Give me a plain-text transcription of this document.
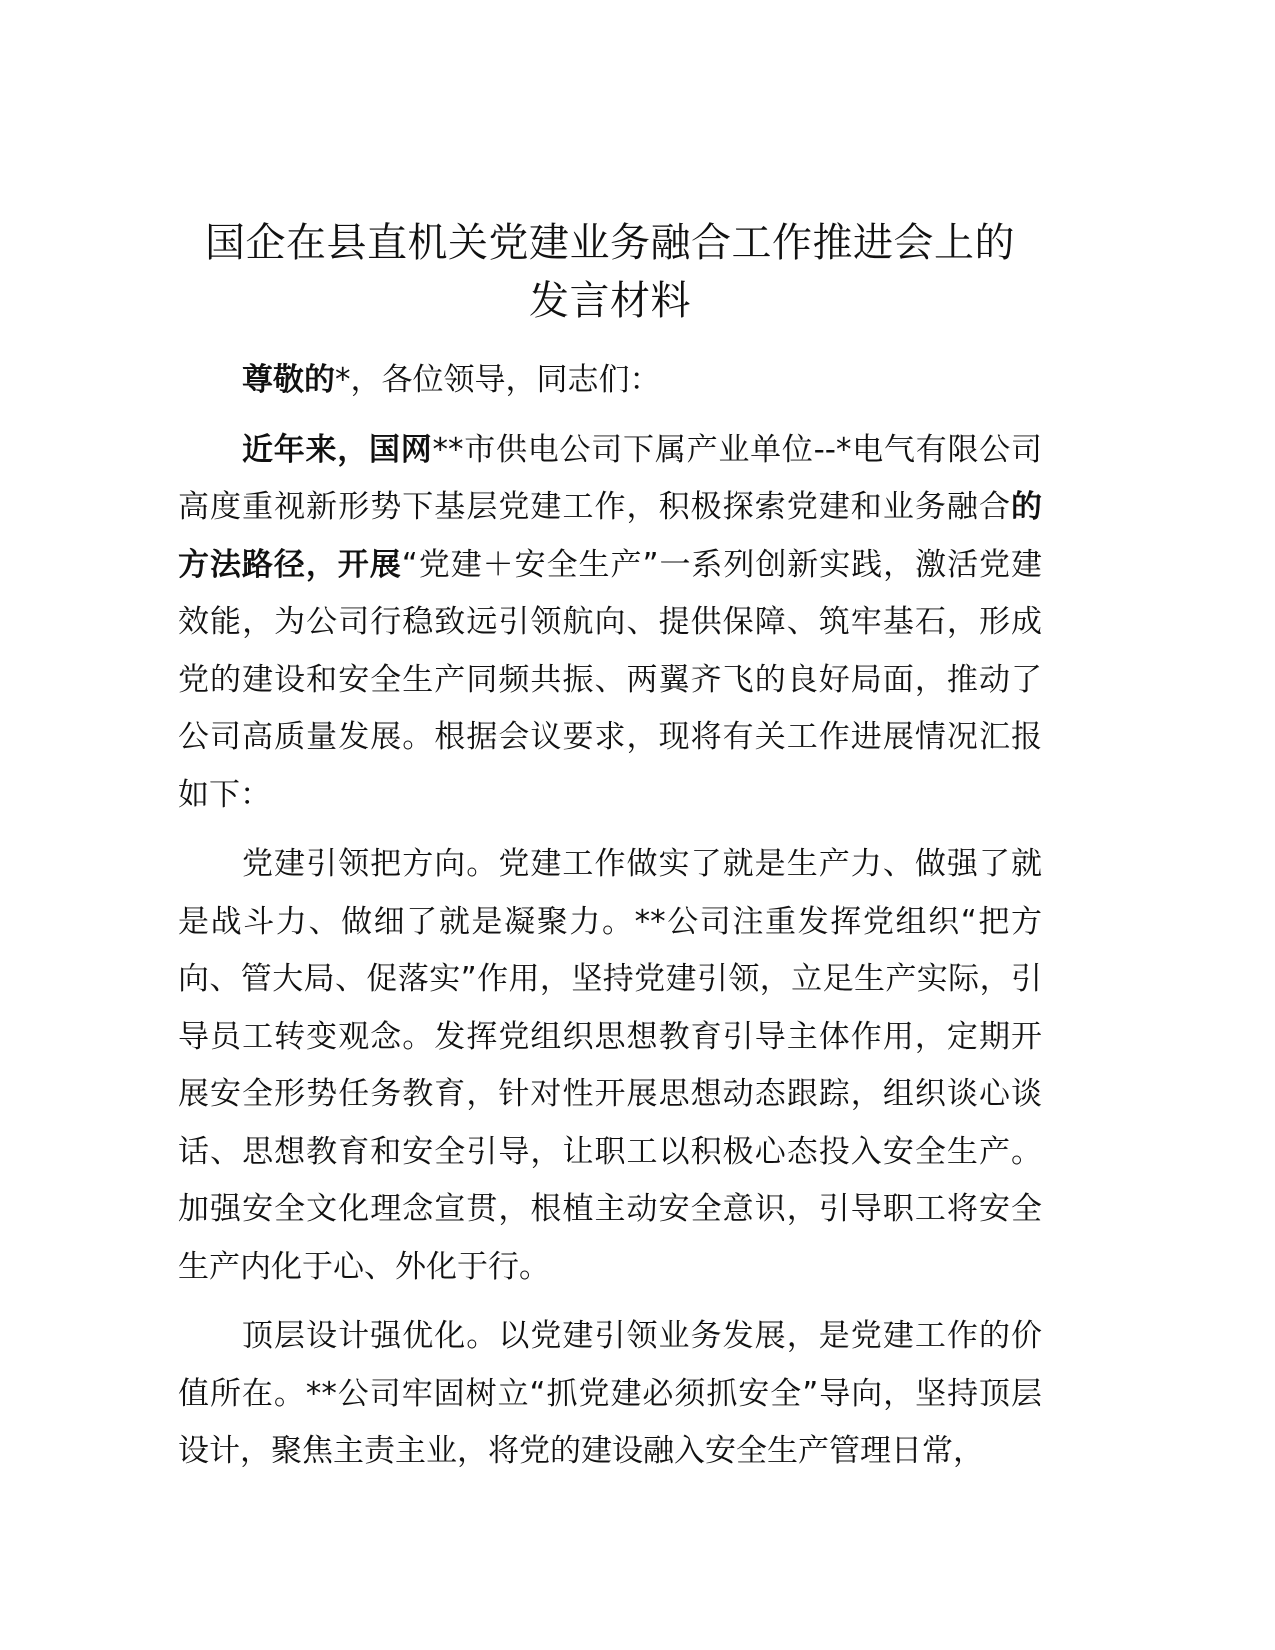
国企在县直机关党建业务融合工作推进会上的
发言材料

尊敬的*，各位领导，同志们：

近年来，国网**市供电公司下属产业单位--*电气有限公司高度重视新形势下基层党建工作，积极探索党建和业务融合的方法路径，开展“党建＋安全生产”一系列创新实践，激活党建效能，为公司行稳致远引领航向、提供保障、筑牢基石，形成党的建设和安全生产同频共振、两翼齐飞的良好局面，推动了公司高质量发展。根据会议要求，现将有关工作进展情况汇报如下：

党建引领把方向。党建工作做实了就是生产力、做强了就是战斗力、做细了就是凝聚力。**公司注重发挥党组织“把方向、管大局、促落实”作用，坚持党建引领，立足生产实际，引导员工转变观念。发挥党组织思想教育引导主体作用，定期开展安全形势任务教育，针对性开展思想动态跟踪，组织谈心谈话、思想教育和安全引导，让职工以积极心态投入安全生产。加强安全文化理念宣贯，根植主动安全意识，引导职工将安全生产内化于心、外化于行。

顶层设计强优化。以党建引领业务发展，是党建工作的价值所在。**公司牢固树立“抓党建必须抓安全”导向，坚持顶层设计，聚焦主责主业，将党的建设融入安全生产管理日常，
